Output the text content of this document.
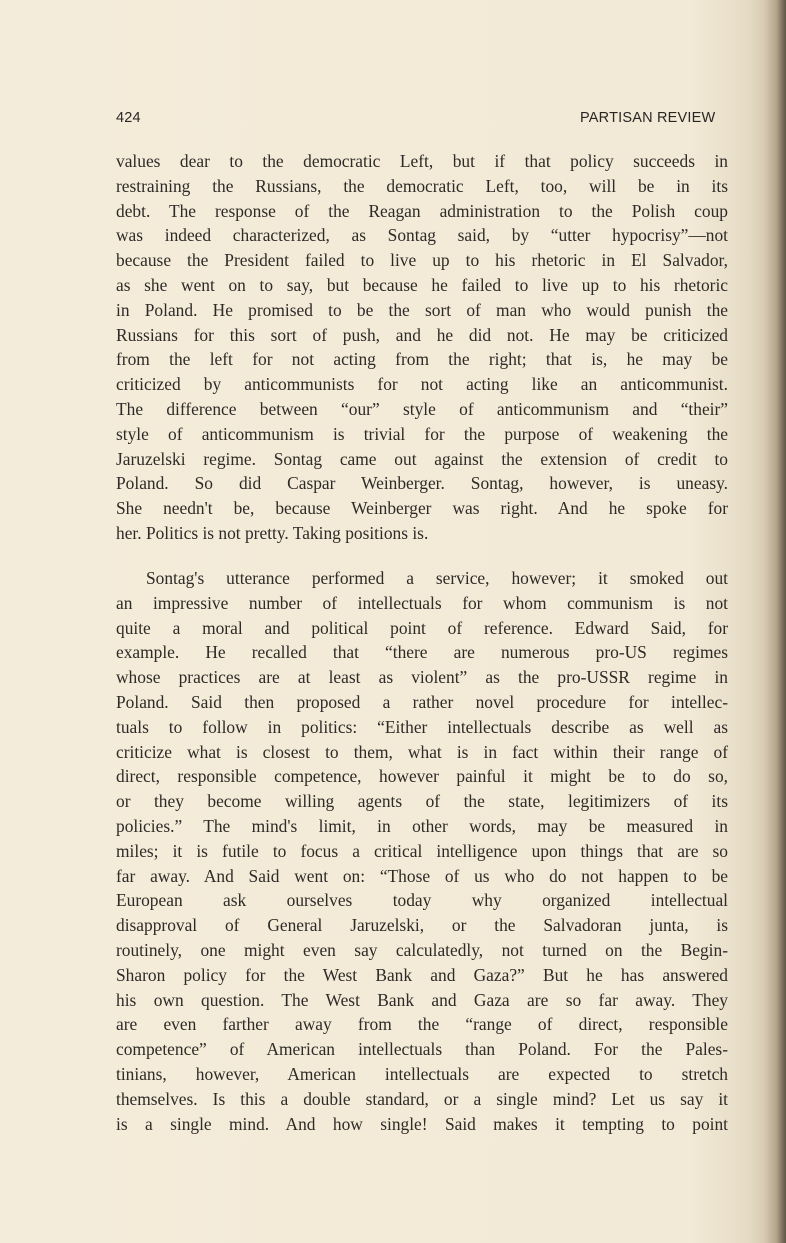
424	PARTISAN REVIEW
values dear to the democratic Left, but if that policy succeeds in
restraining the Russians, the democratic Left, too, will be in its
debt. The response of the Reagan administration to the Polish coup
was indeed characterized, as Sontag said, by “utter hypocrisy”—not
because the President failed to live up to his rhetoric in El Salvador,
as she went on to say, but because he failed to live up to his rhetoric
in Poland. He promised to be the sort of man who would punish the
Russians for this sort of push, and he did not. He may be criticized
from the left for not acting from the right; that is, he may be
criticized by anticommunists for not acting like an anticommunist.
The difference between “our” style of anticommunism and “their”
style of anticommunism is trivial for the purpose of weakening the
Jaruzelski regime. Sontag came out against the extension of credit to
Poland. So did Caspar Weinberger. Sontag, however, is uneasy.
She needn't be, because Weinberger was right. And he spoke for
her. Politics is not pretty. Taking positions is.
Sontag's utterance performed a service, however; it smoked out
an impressive number of intellectuals for whom communism is not
quite a moral and political point of reference. Edward Said, for
example. He recalled that “there are numerous pro-US regimes
whose practices are at least as violent” as the pro-USSR regime in
Poland. Said then proposed a rather novel procedure for intellec-
tuals to follow in politics: “Either intellectuals describe as well as
criticize what is closest to them, what is in fact within their range of
direct, responsible competence, however painful it might be to do so,
or they become willing agents of the state, legitimizers of its
policies.” The mind's limit, in other words, may be measured in
miles; it is futile to focus a critical intelligence upon things that are so
far away. And Said went on: “Those of us who do not happen to be
European ask ourselves today why organized intellectual
disapproval of General Jaruzelski, or the Salvadoran junta, is
routinely, one might even say calculatedly, not turned on the Begin-
Sharon policy for the West Bank and Gaza?” But he has answered
his own question. The West Bank and Gaza are so far away. They
are even farther away from the “range of direct, responsible
competence” of American intellectuals than Poland. For the Pales-
tinians, however, American intellectuals are expected to stretch
themselves. Is this a double standard, or a single mind? Let us say it
is a single mind. And how single! Said makes it tempting to point
